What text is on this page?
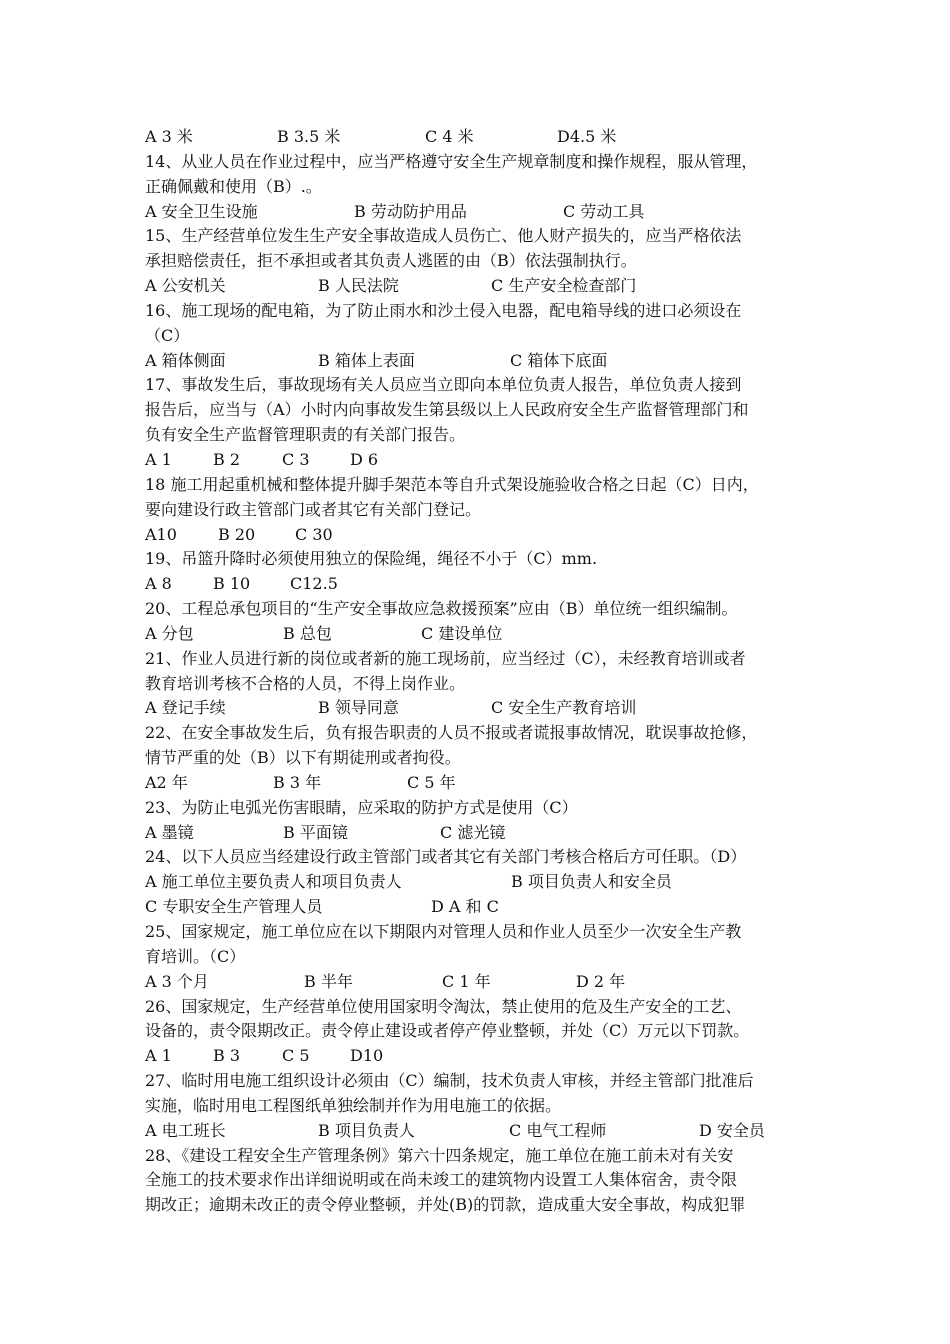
A 3 米	B 3.5 米	C 4 米	D4.5 米
14、从业人员在作业过程中，应当严格遵守安全生产规章制度和操作规程，服从管理，
正确佩戴和使用（B）.。
A 安全卫生设施	B 劳动防护用品	C 劳动工具
15、生产经营单位发生生产安全事故造成人员伤亡、他人财产损失的，应当严格依法
承担赔偿责任，拒不承担或者其负责人逃匿的由（B）依法强制执行。
A 公安机关	B 人民法院	C 生产安全检查部门
16、施工现场的配电箱，为了防止雨水和沙土侵入电器，配电箱导线的进口必须设在
（C）
A 箱体侧面	B 箱体上表面	C 箱体下底面
17、事故发生后，事故现场有关人员应当立即向本单位负责人报告，单位负责人接到
报告后，应当与（A）小时内向事故发生第县级以上人民政府安全生产监督管理部门和
负有安全生产监督管理职责的有关部门报告。
A 1	B 2	C 3	D 6
18 施工用起重机械和整体提升脚手架范本等自升式架设施验收合格之日起（C）日内，
要向建设行政主管部门或者其它有关部门登记。
A10	B 20 C 30
19、吊篮升降时必须使用独立的保险绳，绳径不小于（C）mm.
A 8	B 10 C12.5
20、工程总承包项目的“生产安全事故应急救援预案”应由（B）单位统一组织编制。
A 分包	B 总包	C 建设单位
21、作业人员进行新的岗位或者新的施工现场前，应当经过（C），未经教育培训或者
教育培训考核不合格的人员，不得上岗作业。
A 登记手续	B 领导同意	C 安全生产教育培训
22、在安全事故发生后，负有报告职责的人员不报或者谎报事故情况，耽误事故抢修，
情节严重的处（B）以下有期徒刑或者拘役。
A2 年	B 3 年	C 5 年
23、为防止电弧光伤害眼睛，应采取的防护方式是使用（C）
A 墨镜	B 平面镜	C 滤光镜
24、以下人员应当经建设行政主管部门或者其它有关部门考核合格后方可任职。（D）
A 施工单位主要负责人和项目负责人	B 项目负责人和安全员
C 专职安全生产管理人员	D A 和 C
25、国家规定，施工单位应在以下期限内对管理人员和作业人员至少一次安全生产教
育培训。（C）
A 3 个月	B 半年	C 1 年	D 2 年
26、国家规定，生产经营单位使用国家明令淘汰，禁止使用的危及生产安全的工艺、
设备的，责令限期改正。责令停止建设或者停产停业整顿，并处（C）万元以下罚款。
A 1	B 3	C 5	D10
27、临时用电施工组织设计必须由（C）编制，技术负责人审核，并经主管部门批准后
实施，临时用电工程图纸单独绘制并作为用电施工的依据。
A 电工班长	B 项目负责人	C 电气工程师	D 安全员
28、《建设工程安全生产管理条例》第六十四条规定，施工单位在施工前未对有关安
全施工的技术要求作出详细说明或在尚未竣工的建筑物内设置工人集体宿舍，责令限
期改正；逾期未改正的责令停业整顿，并处(B)的罚款，造成重大安全事故，构成犯罪
